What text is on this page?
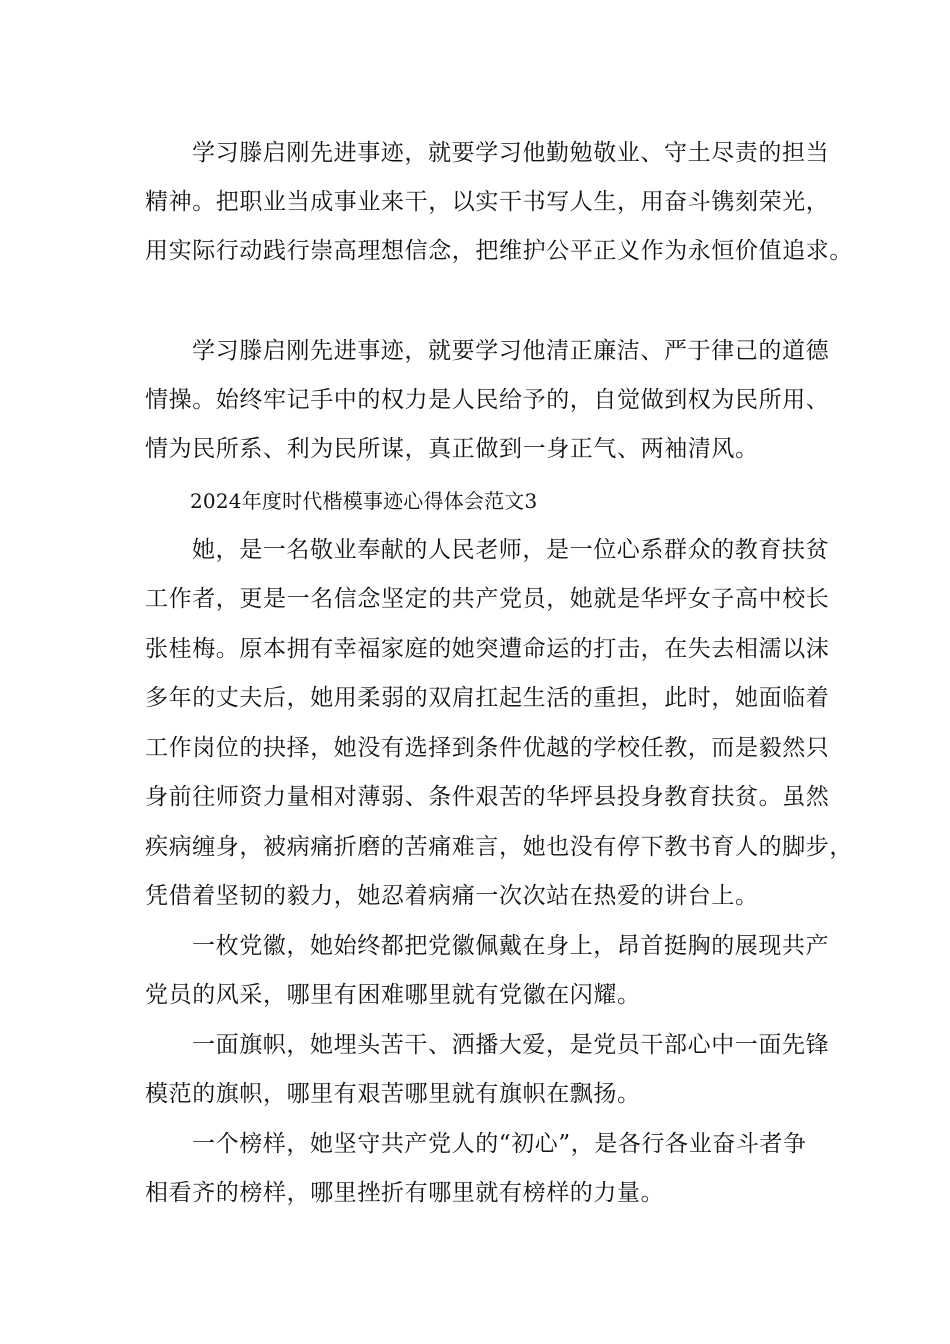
学习滕启刚先进事迹，就要学习他勤勉敬业、守土尽责的担当
精神。把职业当成事业来干，以实干书写人生，用奋斗镌刻荣光，
用实际行动践行崇高理想信念，把维护公平正义作为永恒价值追求。
学习滕启刚先进事迹，就要学习他清正廉洁、严于律己的道德
情操。始终牢记手中的权力是人民给予的，自觉做到权为民所用、
情为民所系、利为民所谋，真正做到一身正气、两袖清风。
2024年度时代楷模事迹心得体会范文3
她，是一名敬业奉献的人民老师，是一位心系群众的教育扶贫
工作者，更是一名信念坚定的共产党员，她就是华坪女子高中校长
张桂梅。原本拥有幸福家庭的她突遭命运的打击，在失去相濡以沫
多年的丈夫后，她用柔弱的双肩扛起生活的重担，此时，她面临着
工作岗位的抉择，她没有选择到条件优越的学校任教，而是毅然只
身前往师资力量相对薄弱、条件艰苦的华坪县投身教育扶贫。虽然
疾病缠身，被病痛折磨的苦痛难言，她也没有停下教书育人的脚步，
凭借着坚韧的毅力，她忍着病痛一次次站在热爱的讲台上。
一枚党徽，她始终都把党徽佩戴在身上，昂首挺胸的展现共产
党员的风采，哪里有困难哪里就有党徽在闪耀。
一面旗帜，她埋头苦干、洒播大爱，是党员干部心中一面先锋
模范的旗帜，哪里有艰苦哪里就有旗帜在飘扬。
一个榜样，她坚守共产党人的“初心”，是各行各业奋斗者争
相看齐的榜样，哪里挫折有哪里就有榜样的力量。
